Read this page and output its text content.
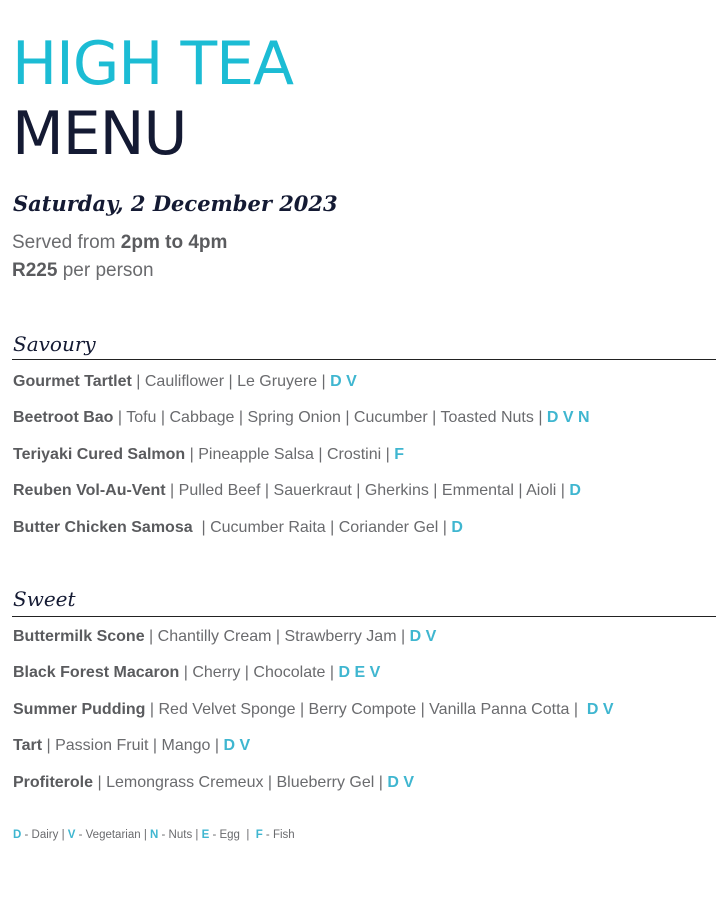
HIGH TEA
MENU
Saturday, 2 December 2023
Served from 2pm to 4pm
R225 per person
Savoury
Gourmet Tartlet | Cauliflower | Le Gruyere | D V
Beetroot Bao | Tofu | Cabbage | Spring Onion | Cucumber | Toasted Nuts | D V N
Teriyaki Cured Salmon | Pineapple Salsa | Crostini | F
Reuben Vol-Au-Vent | Pulled Beef | Sauerkraut | Gherkins | Emmental | Aioli | D
Butter Chicken Samosa  | Cucumber Raita | Coriander Gel | D
Sweet
Buttermilk Scone | Chantilly Cream | Strawberry Jam | D V
Black Forest Macaron | Cherry | Chocolate | D E V
Summer Pudding | Red Velvet Sponge | Berry Compote | Vanilla Panna Cotta |  D V
Tart | Passion Fruit | Mango | D V
Profiterole | Lemongrass Cremeux | Blueberry Gel | D V
D - Dairy | V - Vegetarian | N - Nuts | E - Egg  |  F - Fish
